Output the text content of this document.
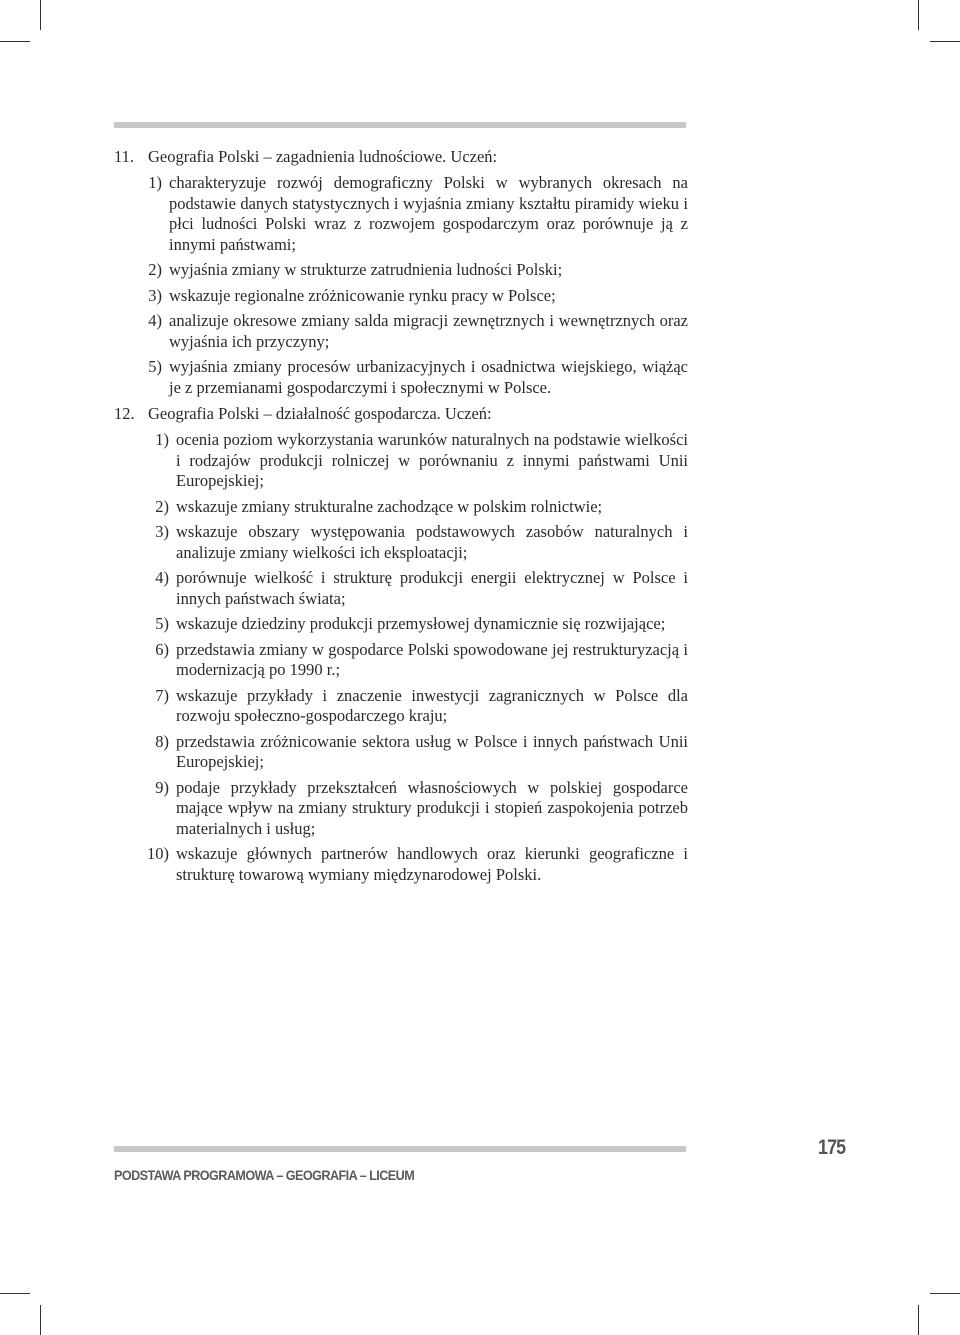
11. Geografia Polski – zagadnienia ludnościowe. Uczeń:
1) charakteryzuje rozwój demograficzny Polski w wybranych okresach na podstawie danych statystycznych i wyjaśnia zmiany kształtu piramidy wieku i płci ludności Polski wraz z rozwojem gospodarczym oraz porównuje ją z innymi państwami;
2) wyjaśnia zmiany w strukturze zatrudnienia ludności Polski;
3) wskazuje regionalne zróżnicowanie rynku pracy w Polsce;
4) analizuje okresowe zmiany salda migracji zewnętrznych i wewnętrznych oraz wyjaśnia ich przyczyny;
5) wyjaśnia zmiany procesów urbanizacyjnych i osadnictwa wiejskiego, wiążąc je z przemianami gospodarczymi i społecznymi w Polsce.
12. Geografia Polski – działalność gospodarcza. Uczeń:
1) ocenia poziom wykorzystania warunków naturalnych na podstawie wielkości i rodzajów produkcji rolniczej w porównaniu z innymi państwami Unii Europejskiej;
2) wskazuje zmiany strukturalne zachodzące w polskim rolnictwie;
3) wskazuje obszary występowania podstawowych zasobów naturalnych i analizuje zmiany wielkości ich eksploatacji;
4) porównuje wielkość i strukturę produkcji energii elektrycznej w Polsce i innych państwach świata;
5) wskazuje dziedziny produkcji przemysłowej dynamicznie się rozwijające;
6) przedstawia zmiany w gospodarce Polski spowodowane jej restrukturyzacją i modernizacją po 1990 r.;
7) wskazuje przykłady i znaczenie inwestycji zagranicznych w Polsce dla rozwoju społeczno-gospodarczego kraju;
8) przedstawia zróżnicowanie sektora usług w Polsce i innych państwach Unii Europejskiej;
9) podaje przykłady przekształceń własnościowych w polskiej gospodarce mające wpływ na zmiany struktury produkcji i stopień zaspokojenia potrzeb materialnych i usług;
10) wskazuje głównych partnerów handlowych oraz kierunki geograficzne i strukturę towarową wymiany międzynarodowej Polski.
PODSTAWA PROGRAMOWA – GEOGRAFIA – LICEUM
175
